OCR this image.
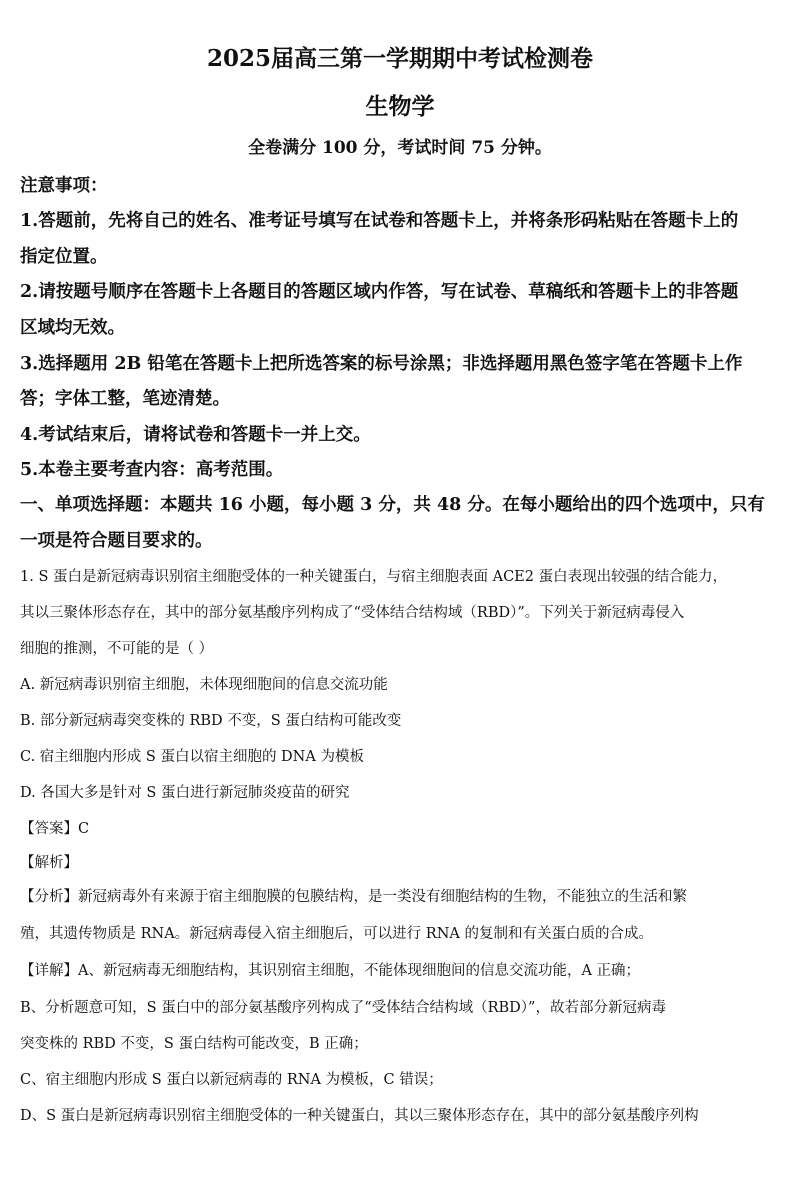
2025届高三第一学期期中考试检测卷
生物学
全卷满分 100 分，考试时间 75 分钟。
注意事项：
1.答题前，先将自己的姓名、准考证号填写在试卷和答题卡上，并将条形码粘贴在答题卡上的
指定位置。
2.请按题号顺序在答题卡上各题目的答题区域内作答，写在试卷、草稿纸和答题卡上的非答题
区域均无效。
3.选择题用 2B 铅笔在答题卡上把所选答案的标号涂黑；非选择题用黑色签字笔在答题卡上作
答；字体工整，笔迹清楚。
4.考试结束后，请将试卷和答题卡一并上交。
5.本卷主要考查内容：高考范围。
一、单项选择题：本题共 16 小题，每小题 3 分，共 48 分。在每小题给出的四个选项中，只有
一项是符合题目要求的。
1. S 蛋白是新冠病毒识别宿主细胞受体的一种关键蛋白，与宿主细胞表面 ACE2 蛋白表现出较强的结合能力，
其以三聚体形态存在，其中的部分氨基酸序列构成了“受体结合结构域（RBD）”。下列关于新冠病毒侵入
细胞的推测，不可能的是（ ）
A. 新冠病毒识别宿主细胞，未体现细胞间的信息交流功能
B. 部分新冠病毒突变株的 RBD 不变，S 蛋白结构可能改变
C. 宿主细胞内形成 S 蛋白以宿主细胞的 DNA 为模板
D. 各国大多是针对 S 蛋白进行新冠肺炎疫苗的研究
【答案】C
【解析】
【分析】新冠病毒外有来源于宿主细胞膜的包膜结构，是一类没有细胞结构的生物，不能独立的生活和繁
殖，其遗传物质是 RNA。新冠病毒侵入宿主细胞后，可以进行 RNA 的复制和有关蛋白质的合成。
【详解】A、新冠病毒无细胞结构，其识别宿主细胞，不能体现细胞间的信息交流功能，A 正确；
B、分析题意可知，S 蛋白中的部分氨基酸序列构成了“受体结合结构域（RBD）”，故若部分新冠病毒
突变株的 RBD 不变，S 蛋白结构可能改变，B 正确；
C、宿主细胞内形成 S 蛋白以新冠病毒的 RNA 为模板，C 错误；
D、S 蛋白是新冠病毒识别宿主细胞受体的一种关键蛋白，其以三聚体形态存在，其中的部分氨基酸序列构
